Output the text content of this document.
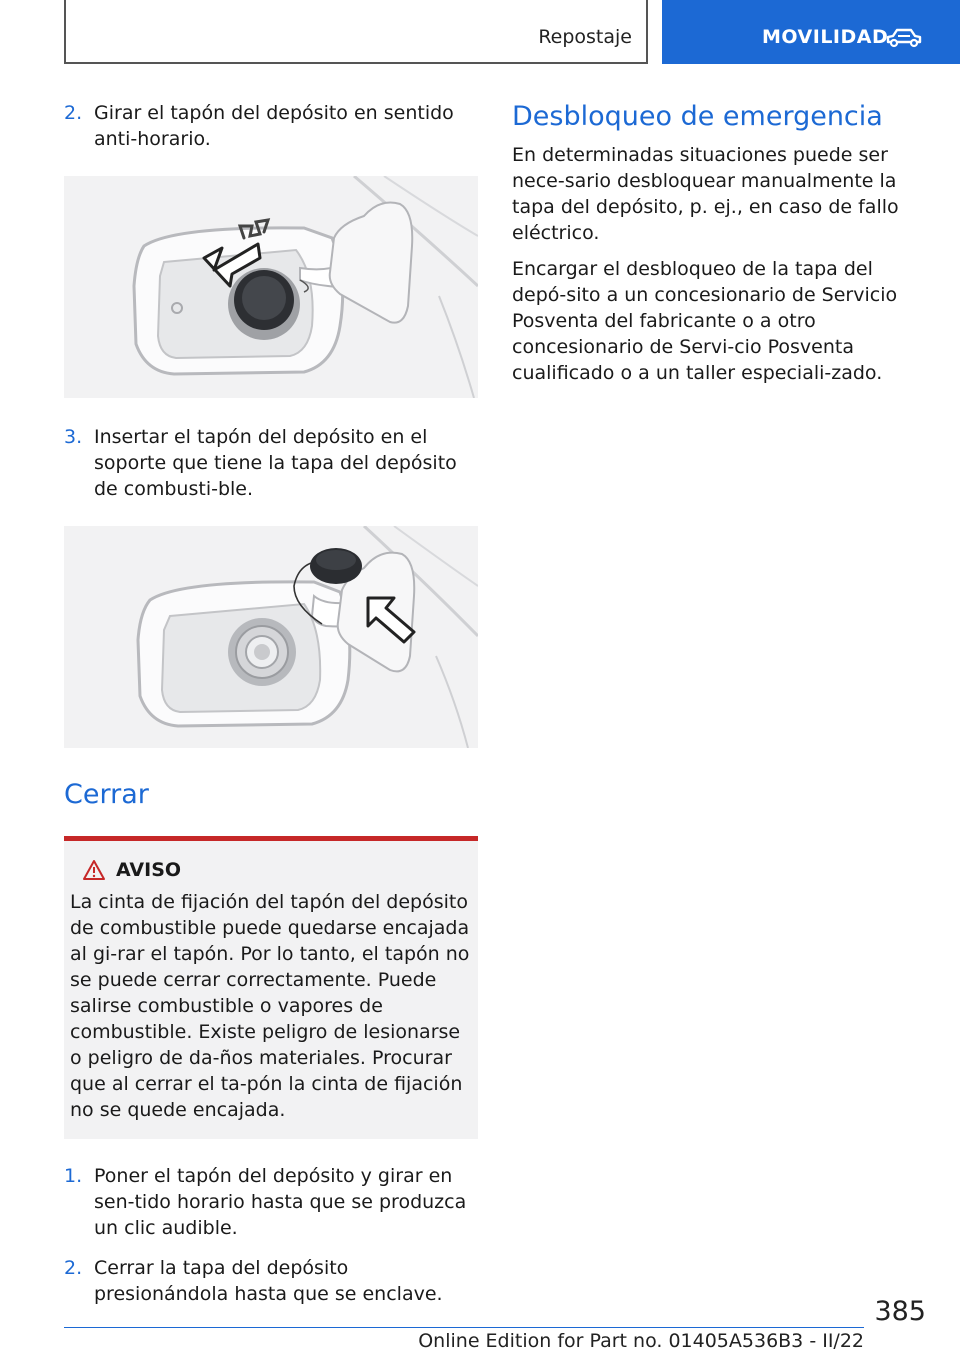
Repostaje	MOVILIDAD
2. Girar el tapón del depósito en sentido anti‐horario.
3. Insertar el tapón del depósito en el soporte que tiene la tapa del depósito de combusti‐ble.
Cerrar
AVISO
La cinta de fijación del tapón del depósito de combustible puede quedarse encajada al gi‐rar el tapón. Por lo tanto, el tapón no se puede cerrar correctamente. Puede salirse combustible o vapores de combustible. Existe peligro de lesionarse o peligro de da‐ños materiales. Procurar que al cerrar el ta‐pón la cinta de fijación no se quede encajada.
1. Poner el tapón del depósito y girar en sen‐tido horario hasta que se produzca un clic audible.
2. Cerrar la tapa del depósito presionándola hasta que se enclave.
Desbloqueo de emergencia

En determinadas situaciones puede ser nece‐sario desbloquear manualmente la tapa del depósito, p. ej., en caso de fallo eléctrico.

Encargar el desbloqueo de la tapa del depó‐sito a un concesionario de Servicio Posventa del fabricante o a otro concesionario de Servi‐cio Posventa cualificado o a un taller especiali‐zado.

385
Online Edition for Part no. 01405A536B3 - II/22
